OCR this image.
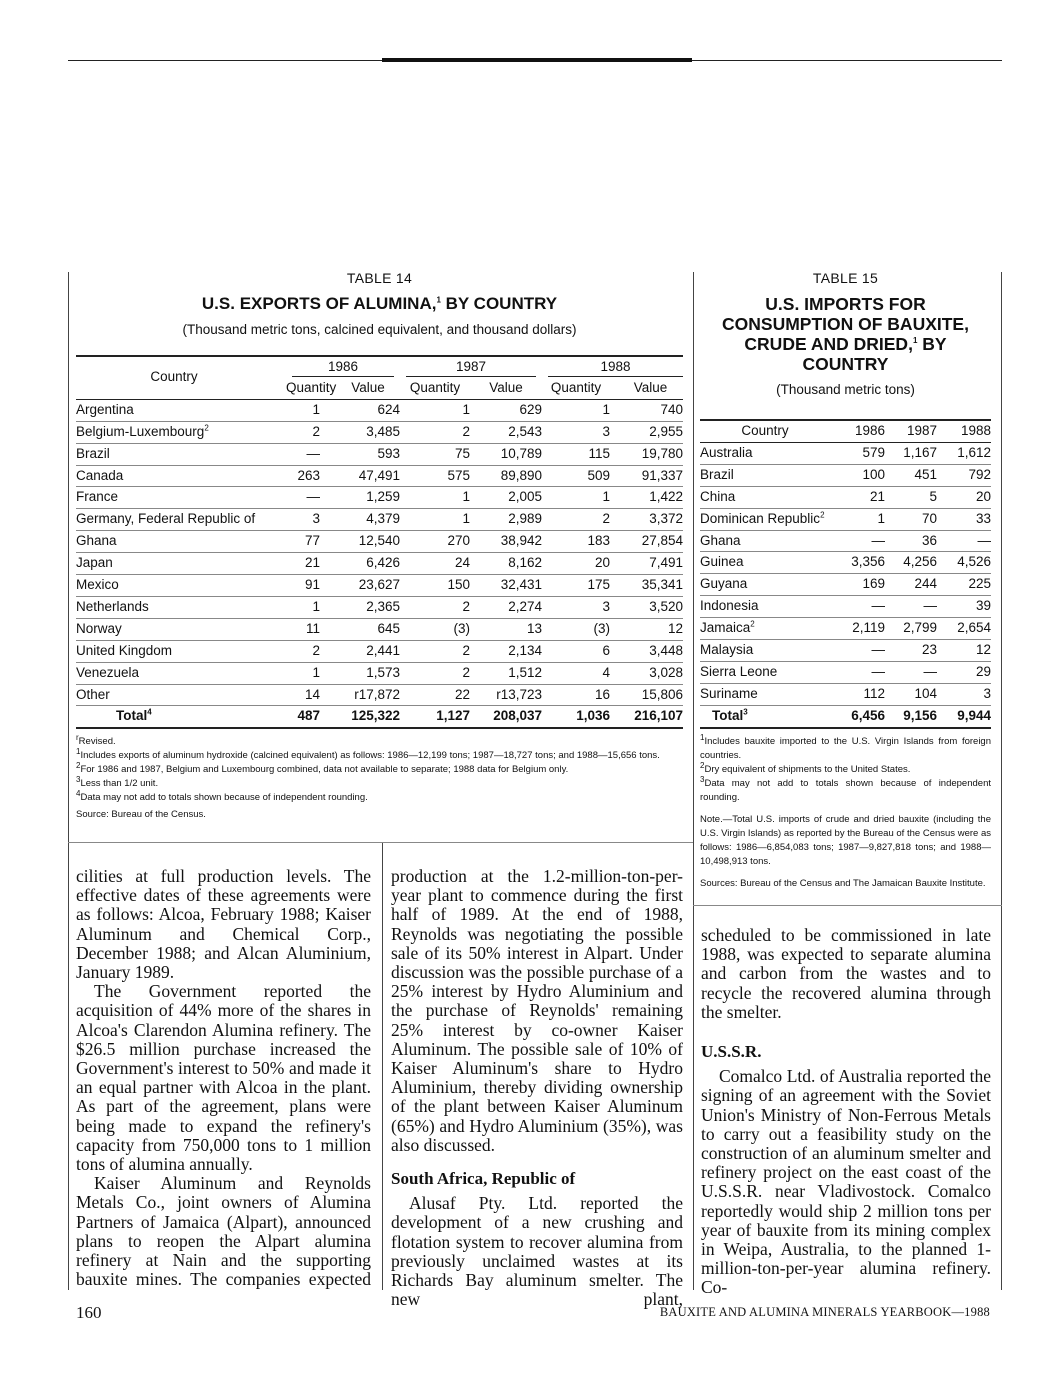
TABLE 14
U.S. EXPORTS OF ALUMINA,$^1$ BY COUNTRY
(Thousand metric tons, calcined equivalent, and thousand dollars)
Country	1986		1987		1988	

	Quantity	Value	Quantity	Value	Quantity	Value
Argentina	1	624	1	629	1	740
Belgium-Luxembourg$^2$	2	3,485	2	2,543	3	2,955
Brazil	—	593	75	10,789	115	19,780
Canada	263	47,491	575	89,890	509	91,337
France	—	1,259	1	2,005	1	1,422
Germany, Federal Republic of	3	4,379	1	2,989	2	3,372
Ghana	77	12,540	270	38,942	183	27,854
Japan	21	6,426	24	8,162	20	7,491
Mexico	91	23,627	150	32,431	175	35,341
Netherlands	1	2,365	2	2,274	3	3,520
Norway	11	645	(3)	13	(3)	12
United Kingdom	2	2,441	2	2,134	6	3,448
Venezuela	1	1,573	2	1,512	4	3,028
Other	14	r17,872	22	r13,723	16	15,806
Total$^4$	487	125,322	1,127	208,037	1,036	216,107

$^r$Revised.

$^1$Includes exports of aluminum hydroxide (calcined equivalent) as follows: 1986—12,199 tons; 1987—18,727 tons; and 1988—15,656 tons.

$^2$For 1986 and 1987, Belgium and Luxembourg combined, data not available to separate; 1988 data for Belgium only.

$^3$Less than 1/2 unit.

$^4$Data may not add to totals shown because of independent rounding.

Source: Bureau of the Census.

TABLE 15
U.S. IMPORTS FOR
CONSUMPTION OF BAUXITE,
CRUDE AND DRIED,$^1$ BY
COUNTRY
(Thousand metric tons)
Country	1986	1987	1988
Australia	579	1,167	1,612
Brazil	100	451	792
China	21	5	20
Dominican Republic$^2$	1	70	33
Ghana	—	36	—
Guinea	3,356	4,256	4,526
Guyana	169	244	225
Indonesia	—	—	39
Jamaica$^2$	2,119	2,799	2,654
Malaysia	—	23	12
Sierra Leone	—	—	29
Suriname	112	104	3
Total$^3$	6,456	9,156	9,944

$^1$Includes bauxite imported to the U.S. Virgin Islands from foreign countries.

$^2$Dry equivalent of shipments to the United States.

$^3$Data may not add to totals shown because of independent rounding.

Note.—Total U.S. imports of crude and dried bauxite (including the U.S. Virgin Islands) as reported by the Bureau of the Census were as follows: 1986—6,854,083 tons; 1987—9,827,818 tons; and 1988—10,498,913 tons.

Sources: Bureau of the Census and The Jamaican Bauxite Institute.

cilities at full production levels. The effective dates of these agreements were as follows: Alcoa, February 1988; Kaiser Aluminum and Chemical Corp., December 1988; and Alcan Aluminium, January 1989.

The Government reported the acquisition of 44% more of the shares in Alcoa's Clarendon Alumina refinery. The $26.5 million purchase increased the Government's interest to 50% and made it an equal partner with Alcoa in the plant. As part of the agreement, plans were being made to expand the refinery's capacity from 750,000 tons to 1 million tons of alumina annually.

Kaiser Aluminum and Reynolds Metals Co., joint owners of Alumina Partners of Jamaica (Alpart), announced plans to reopen the Alpart alumina refinery at Nain and the supporting bauxite mines. The companies expected

production at the 1.2-million-ton-per-year plant to commence during the first half of 1989. At the end of 1988, Reynolds was negotiating the possible sale of its 50% interest in Alpart. Under discussion was the possible purchase of a 25% interest by Hydro Aluminium and the purchase of Reynolds' remaining 25% interest by co-owner Kaiser Aluminum. The possible sale of 10% of Kaiser Aluminum's share to Hydro Aluminium, thereby dividing ownership of the plant between Kaiser Aluminum (65%) and Hydro Aluminium (35%), was also discussed.

South Africa, Republic of

Alusaf Pty. Ltd. reported the development of a new crushing and flotation system to recover alumina from previously unclaimed wastes at its Richards Bay aluminum smelter. The new plant,

scheduled to be commissioned in late 1988, was expected to separate alumina and carbon from the wastes and to recycle the recovered alumina through the smelter.

U.S.S.R.

Comalco Ltd. of Australia reported the signing of an agreement with the Soviet Union's Ministry of Non-Ferrous Metals to carry out a feasibility study on the construction of an aluminum smelter and refinery project on the east coast of the U.S.S.R. near Vladivostock. Comalco reportedly would ship 2 million tons per year of bauxite from its mining complex in Weipa, Australia, to the planned 1-million-ton-per-year alumina refinery. Co-

160	BAUXITE AND ALUMINA MINERALS YEARBOOK—1988
